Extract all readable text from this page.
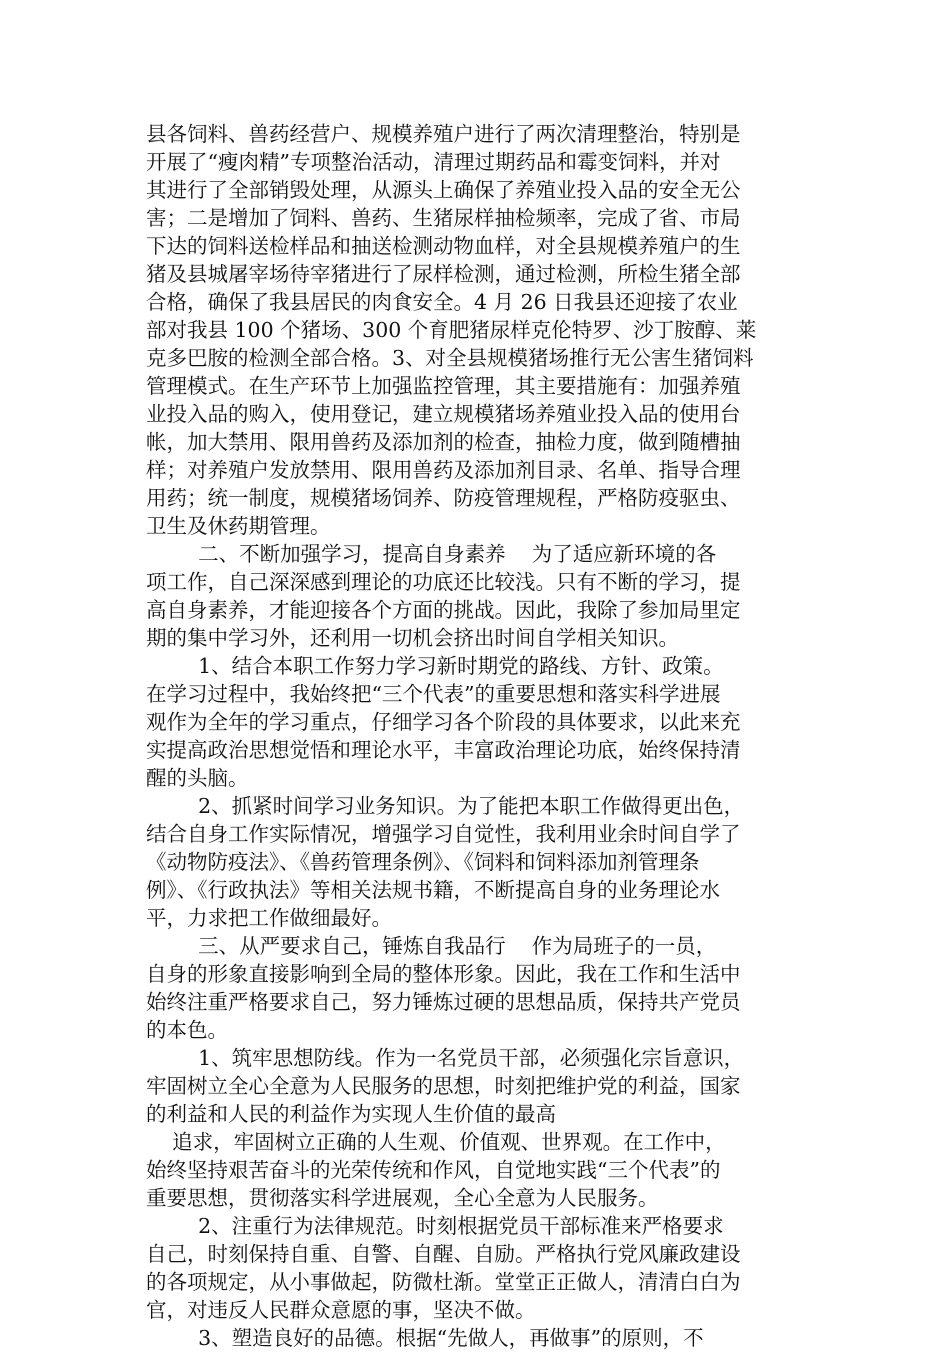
县各饲料、兽药经营户、规模养殖户进行了两次清理整治，特别是
开展了“瘦肉精”专项整治活动，清理过期药品和霉变饲料，并对
其进行了全部销毁处理，从源头上确保了养殖业投入品的安全无公
害；二是增加了饲料、兽药、生猪尿样抽检频率，完成了省、市局
下达的饲料送检样品和抽送检测动物血样，对全县规模养殖户的生
猪及县城屠宰场待宰猪进行了尿样检测，通过检测，所检生猪全部
合格，确保了我县居民的肉食安全。4 月 26 日我县还迎接了农业
部对我县 100 个猪场、300 个育肥猪尿样克伦特罗、沙丁胺醇、莱
克多巴胺的检测全部合格。3、对全县规模猪场推行无公害生猪饲料
管理模式。在生产环节上加强监控管理，其主要措施有：加强养殖
业投入品的购入，使用登记，建立规模猪场养殖业投入品的使用台
帐，加大禁用、限用兽药及添加剂的检查，抽检力度，做到随槽抽
样；对养殖户发放禁用、限用兽药及添加剂目录、名单、指导合理
用药；统一制度，规模猪场饲养、防疫管理规程，严格防疫驱虫、
卫生及休药期管理。
二、不断加强学习，提高自身素养    为了适应新环境的各
项工作，自己深深感到理论的功底还比较浅。只有不断的学习，提
高自身素养，才能迎接各个方面的挑战。因此，我除了参加局里定
期的集中学习外，还利用一切机会挤出时间自学相关知识。
1、结合本职工作努力学习新时期党的路线、方针、政策。
在学习过程中，我始终把“三个代表”的重要思想和落实科学进展
观作为全年的学习重点，仔细学习各个阶段的具体要求，以此来充
实提高政治思想觉悟和理论水平，丰富政治理论功底，始终保持清
醒的头脑。
2、抓紧时间学习业务知识。为了能把本职工作做得更出色，
结合自身工作实际情况，增强学习自觉性，我利用业余时间自学了
《动物防疫法》、《兽药管理条例》、《饲料和饲料添加剂管理条
例》、《行政执法》等相关法规书籍，不断提高自身的业务理论水
平，力求把工作做细最好。
三、从严要求自己，锤炼自我品行    作为局班子的一员，
自身的形象直接影响到全局的整体形象。因此，我在工作和生活中
始终注重严格要求自己，努力锤炼过硬的思想品质，保持共产党员
的本色。
1、筑牢思想防线。作为一名党员干部，必须强化宗旨意识，
牢固树立全心全意为人民服务的思想，时刻把维护党的利益，国家
的利益和人民的利益作为实现人生价值的最高
追求，牢固树立正确的人生观、价值观、世界观。在工作中，
始终坚持艰苦奋斗的光荣传统和作风，自觉地实践“三个代表”的
重要思想，贯彻落实科学进展观，全心全意为人民服务。
2、注重行为法律规范。时刻根据党员干部标准来严格要求
自己，时刻保持自重、自警、自醒、自励。严格执行党风廉政建设
的各项规定，从小事做起，防微杜渐。堂堂正正做人，清清白白为
官，对违反人民群众意愿的事，坚决不做。
3、塑造良好的品德。根据“先做人，再做事”的原则，不
